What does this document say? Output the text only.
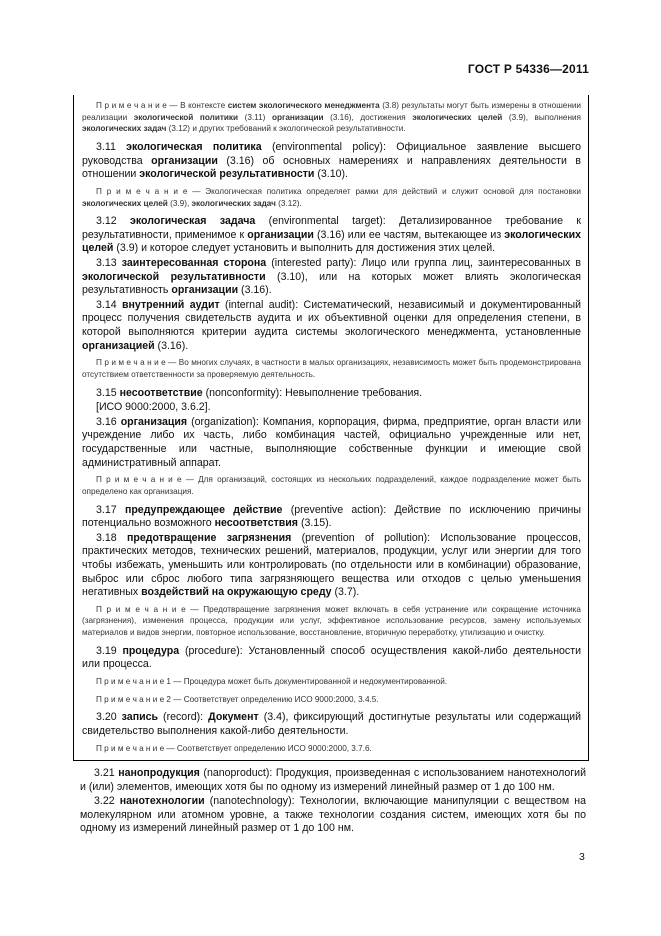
ГОСТ Р 54336—2011

П р и м е ч а н и е — В контексте систем экологического менеджмента (3.8) результаты могут быть измерены в отношении реализации экологической политики (3.11) организации (3.16), достижения экологических целей (3.9), выполнения экологических задач (3.12) и других требований к экологической результативности.

3.11 экологическая политика (environmental policy): Официальное заявление высшего руководства организации (3.16) об основных намерениях и направлениях деятельности в отношении экологической результативности (3.10).

П р и м е ч а н и е — Экологическая политика определяет рамки для действий и служит основой для постановки экологических целей (3.9), экологических задач (3.12).

3.12 экологическая задача (environmental target): Детализированное требование к результативности, применимое к организации (3.16) или ее частям, вытекающее из экологических целей (3.9) и которое следует установить и выполнить для достижения этих целей.

3.13 заинтересованная сторона (interested party): Лицо или группа лиц, заинтересованных в экологической результативности (3.10), или на которых может влиять экологическая результативность организации (3.16).

3.14 внутренний аудит (internal audit): Систематический, независимый и документированный процесс получения свидетельств аудита и их объективной оценки для определения степени, в которой выполняются критерии аудита системы экологического менеджмента, установленные организацией (3.16).

П р и м е ч а н и е — Во многих случаях, в частности в малых организациях, независимость может быть продемонстрирована отсутствием ответственности за проверяемую деятельность.

3.15 несоответствие (nonconformity): Невыполнение требования.

[ИСО 9000:2000, 3.6.2].

3.16 организация (organization): Компания, корпорация, фирма, предприятие, орган власти или учреждение либо их часть, либо комбинация частей, официально учрежденные или нет, государственные или частные, выполняющие собственные функции и имеющие свой административный аппарат.

П р и м е ч а н и е — Для организаций, состоящих из нескольких подразделений, каждое подразделение может быть определено как организация.

3.17 предупреждающее действие (preventive action): Действие по исключению причины потенциально возможного несоответствия (3.15).

3.18 предотвращение загрязнения (prevention of pollution): Использование процессов, практических методов, технических решений, материалов, продукции, услуг или энергии для того чтобы избежать, уменьшить или контролировать (по отдельности или в комбинации) образование, выброс или сброс любого типа загрязняющего вещества или отходов с целью уменьшения негативных воздействий на окружающую среду (3.7).

П р и м е ч а н и е — Предотвращение загрязнения может включать в себя устранение или сокращение источника (загрязнения), изменения процесса, продукции или услуг, эффективное использование ресурсов, замену используемых материалов и видов энергии, повторное использование, восстановление, вторичную переработку, утилизацию и очистку.

3.19 процедура (procedure): Установленный способ осуществления какой-либо деятельности или процесса.

П р и м е ч а н и е 1 — Процедура может быть документированной и недокументированной.

П р и м е ч а н и е 2 — Соответствует определению ИСО 9000:2000, 3.4.5.

3.20 запись (record): Документ (3.4), фиксирующий достигнутые результаты или содержащий свидетельство выполнения какой-либо деятельности.

П р и м е ч а н и е — Соответствует определению ИСО 9000:2000, 3.7.6.

3.21 нанопродукция (nanoproduct): Продукция, произведенная с использованием нанотехнологий и (или) элементов, имеющих хотя бы по одному из измерений линейный размер от 1 до 100 нм.

3.22 нанотехнологии (nanotechnology): Технологии, включающие манипуляции с веществом на молекулярном или атомном уровне, а также технологии создания систем, имеющих хотя бы по одному из измерений линейный размер от 1 до 100 нм.

3
